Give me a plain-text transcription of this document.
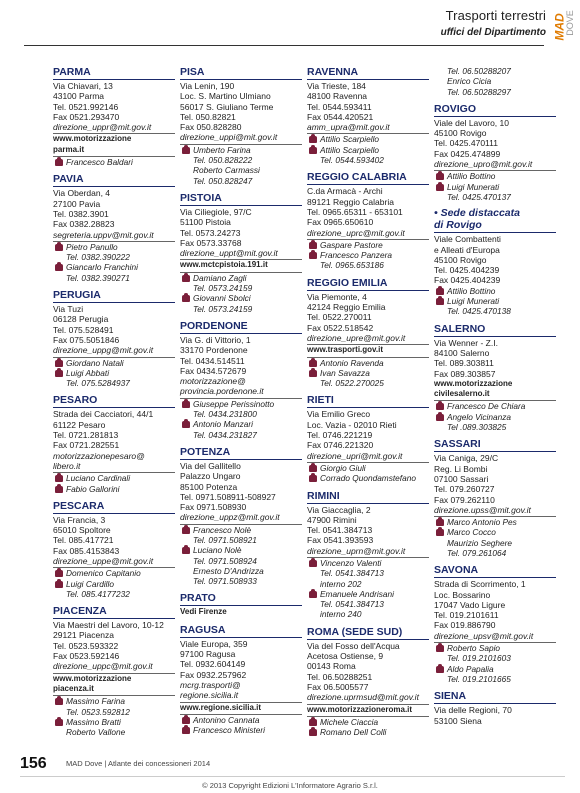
Trasporti terrestri
uffici del Dipartimento MAD
DOVE
PARMA
Via Chiavari, 13
43100 Parma
Tel. 0521.992146
Fax 0521.293470
direzione_uppr@mit.gov.it
www.motorizzazione
parma.it
Francesco Baldari
PAVIA
Via Oberdan, 4
27100 Pavia
Tel. 0382.3901
Fax 0382.28823
segreteria.uppv@mit.gov.it
Pietro Panullo
Tel. 0382.390222
Giancarlo Franchini
Tel. 0382.390271
PERUGIA
Via Tuzi
06128 Perugia
Tel. 075.528491
Fax 075.5051846
direzione_uppg@mit.gov.it
Giordano Natali
Luigi Abbati
Tel. 075.5284937
PESARO
Strada dei Cacciatori, 44/1
61122 Pesaro
Tel. 0721.281813
Fax 0721.282551
motorizzazionepesaro@
libero.it
Luciano Cardinali
Fabio Gallorini
PESCARA
Via Francia, 3
65010 Spoltore
Tel. 085.417721
Fax 085.4153843
direzione_uppe@mit.gov.it
Domenico Capitanio
Luigi Cardillo
Tel. 085.4177232
PIACENZA
Via Maestri del Lavoro, 10-12
29121 Piacenza
Tel. 0523.593322
Fax 0523.592146
direzione_uppc@mit.gov.it
www.motorizzazione
piacenza.it
Massimo Farina
Tel. 0523.592812
Massimo Bratti
Roberto Vallone
PISA
Via Lenin, 190
Loc. S. Martino Ulmiano
56017 S. Giuliano Terme
Tel. 050.82821
Fax 050.828280
direzione_uppi@mit.gov.it
Umberto Farina
Tel. 050.828222
Roberto Carmassi
Tel. 050.828247
PISTOIA
Via Ciliegiole, 97/C
51100 Pistoia
Tel. 0573.24273
Fax 0573.33768
direzione_uppt@mit.gov.it
www.mctcpistoia.191.it
Damiano Zagli
Tel. 0573.24159
Giovanni Sbolci
Tel. 0573.24159
PORDENONE
Via G. di Vittorio, 1
33170 Pordenone
Tel. 0434.514511
Fax 0434.572679
motorizzazione@
provincia.pordenone.it
Giuseppe Perissinotto
Tel. 0434.231800
Antonio Manzari
Tel. 0434.231827
POTENZA
Via del Gallitello
Palazzo Ungaro
85100 Potenza
Tel. 0971.508911-508927
Fax 0971.508930
direzione_uppz@mit.gov.it
Francesco Nolè
Tel. 0971.508921
Luciano Nolè
Tel. 0971.508924
Ernesto D'Andrizza
Tel. 0971.508933
PRATO
Vedi Firenze
RAGUSA
Viale Europa, 359
97100 Ragusa
Tel. 0932.604149
Fax 0932.257962
mcrg.trasporti@
regione.sicilia.it
www.regione.sicilia.it
Antonino Cannata
Francesco Ministeri
RAVENNA
Via Trieste, 184
48100 Ravenna
Tel. 0544.593411
Fax 0544.420521
amm_upra@mit.gov.it
Attilio Scarpiello
Attilio Scarpiello
Tel. 0544.593402
REGGIO CALABRIA
C.da Armacà - Archi
89121 Reggio Calabria
Tel. 0965.65311 - 653101
Fax 0965.650610
direzione_uprc@mit.gov.it
Gaspare Pastore
Francesco Panzera
Tel. 0965.653186
REGGIO EMILIA
Via Piemonte, 4
42124 Reggio Emilia
Tel. 0522.270011
Fax 0522.518542
direzione_upre@mit.gov.it
www.trasporti.gov.it
Antonio Ravenda
Ivan Savazza
Tel. 0522.270025
RIETI
Via Emilio Greco
Loc. Vazia - 02010 Rieti
Tel. 0746.221219
Fax 0746.221320
direzione_upri@mit.gov.it
Giorgio Giuli
Corrado Quondamstefano
RIMINI
Via Giaccaglia, 2
47900 Rimini
Tel. 0541.384713
Fax 0541.393593
direzione_uprn@mit.gov.it
Vincenzo Valenti
Tel. 0541.384713
interno 202
Emanuele Andrisani
Tel. 0541.384713
interno 240
ROMA (SEDE SUD)
Via del Fosso dell'Acqua
Acetosa Ostiense, 9
00143 Roma
Tel. 06.50288251
Fax 06.5005577
direzione.uprmsud@mit.gov.it
www.motorizzazioneroma.it
Michele Ciaccia
Romano Dell Colli
Tel. 06.50288207
Enrico Cicia
Tel. 06.50288297
ROVIGO
Viale del Lavoro, 10
45100 Rovigo
Tel. 0425.470111
Fax 0425.474899
direzione_upro@mit.gov.it
Attilio Bottino
Luigi Munerati
Tel. 0425.470137
• Sede distaccata
di Rovigo
Viale Combattenti
e Alleati d'Europa
45100 Rovigo
Tel. 0425.404239
Fax 0425.404239
Attilio Bottino
Luigi Munerati
Tel. 0425.470138
SALERNO
Via Wenner - Z.I.
84100 Salerno
Tel. 089.303811
Fax 089.303857
www.motorizzazione
civilesalerno.it
Francesco De Chiara
Angelo Vicinanza
Tel .089.303825
SASSARI
Via Caniga, 29/C
Reg. Li Bombi
07100 Sassari
Tel. 079.260727
Fax 079.262110
direzione.upss@mit.gov.it
Marco Antonio Pes
Marco Cocco
Maurizio Seghere
Tel. 079.261064
SAVONA
Strada di Scorrimento, 1
Loc. Bossarino
17047 Vado Ligure
Tel. 019.2101611
Fax 019.886790
direzione_upsv@mit.gov.it
Roberto Sapio
Tel. 019.2101603
Aldo Papalia
Tel. 019.2101665
SIENA
Via delle Regioni, 70
53100 Siena
156	MAD Dove | Atlante dei concessioneri 2014
© 2013 Copyright Edizioni L'Informatore Agrario S.r.l.
